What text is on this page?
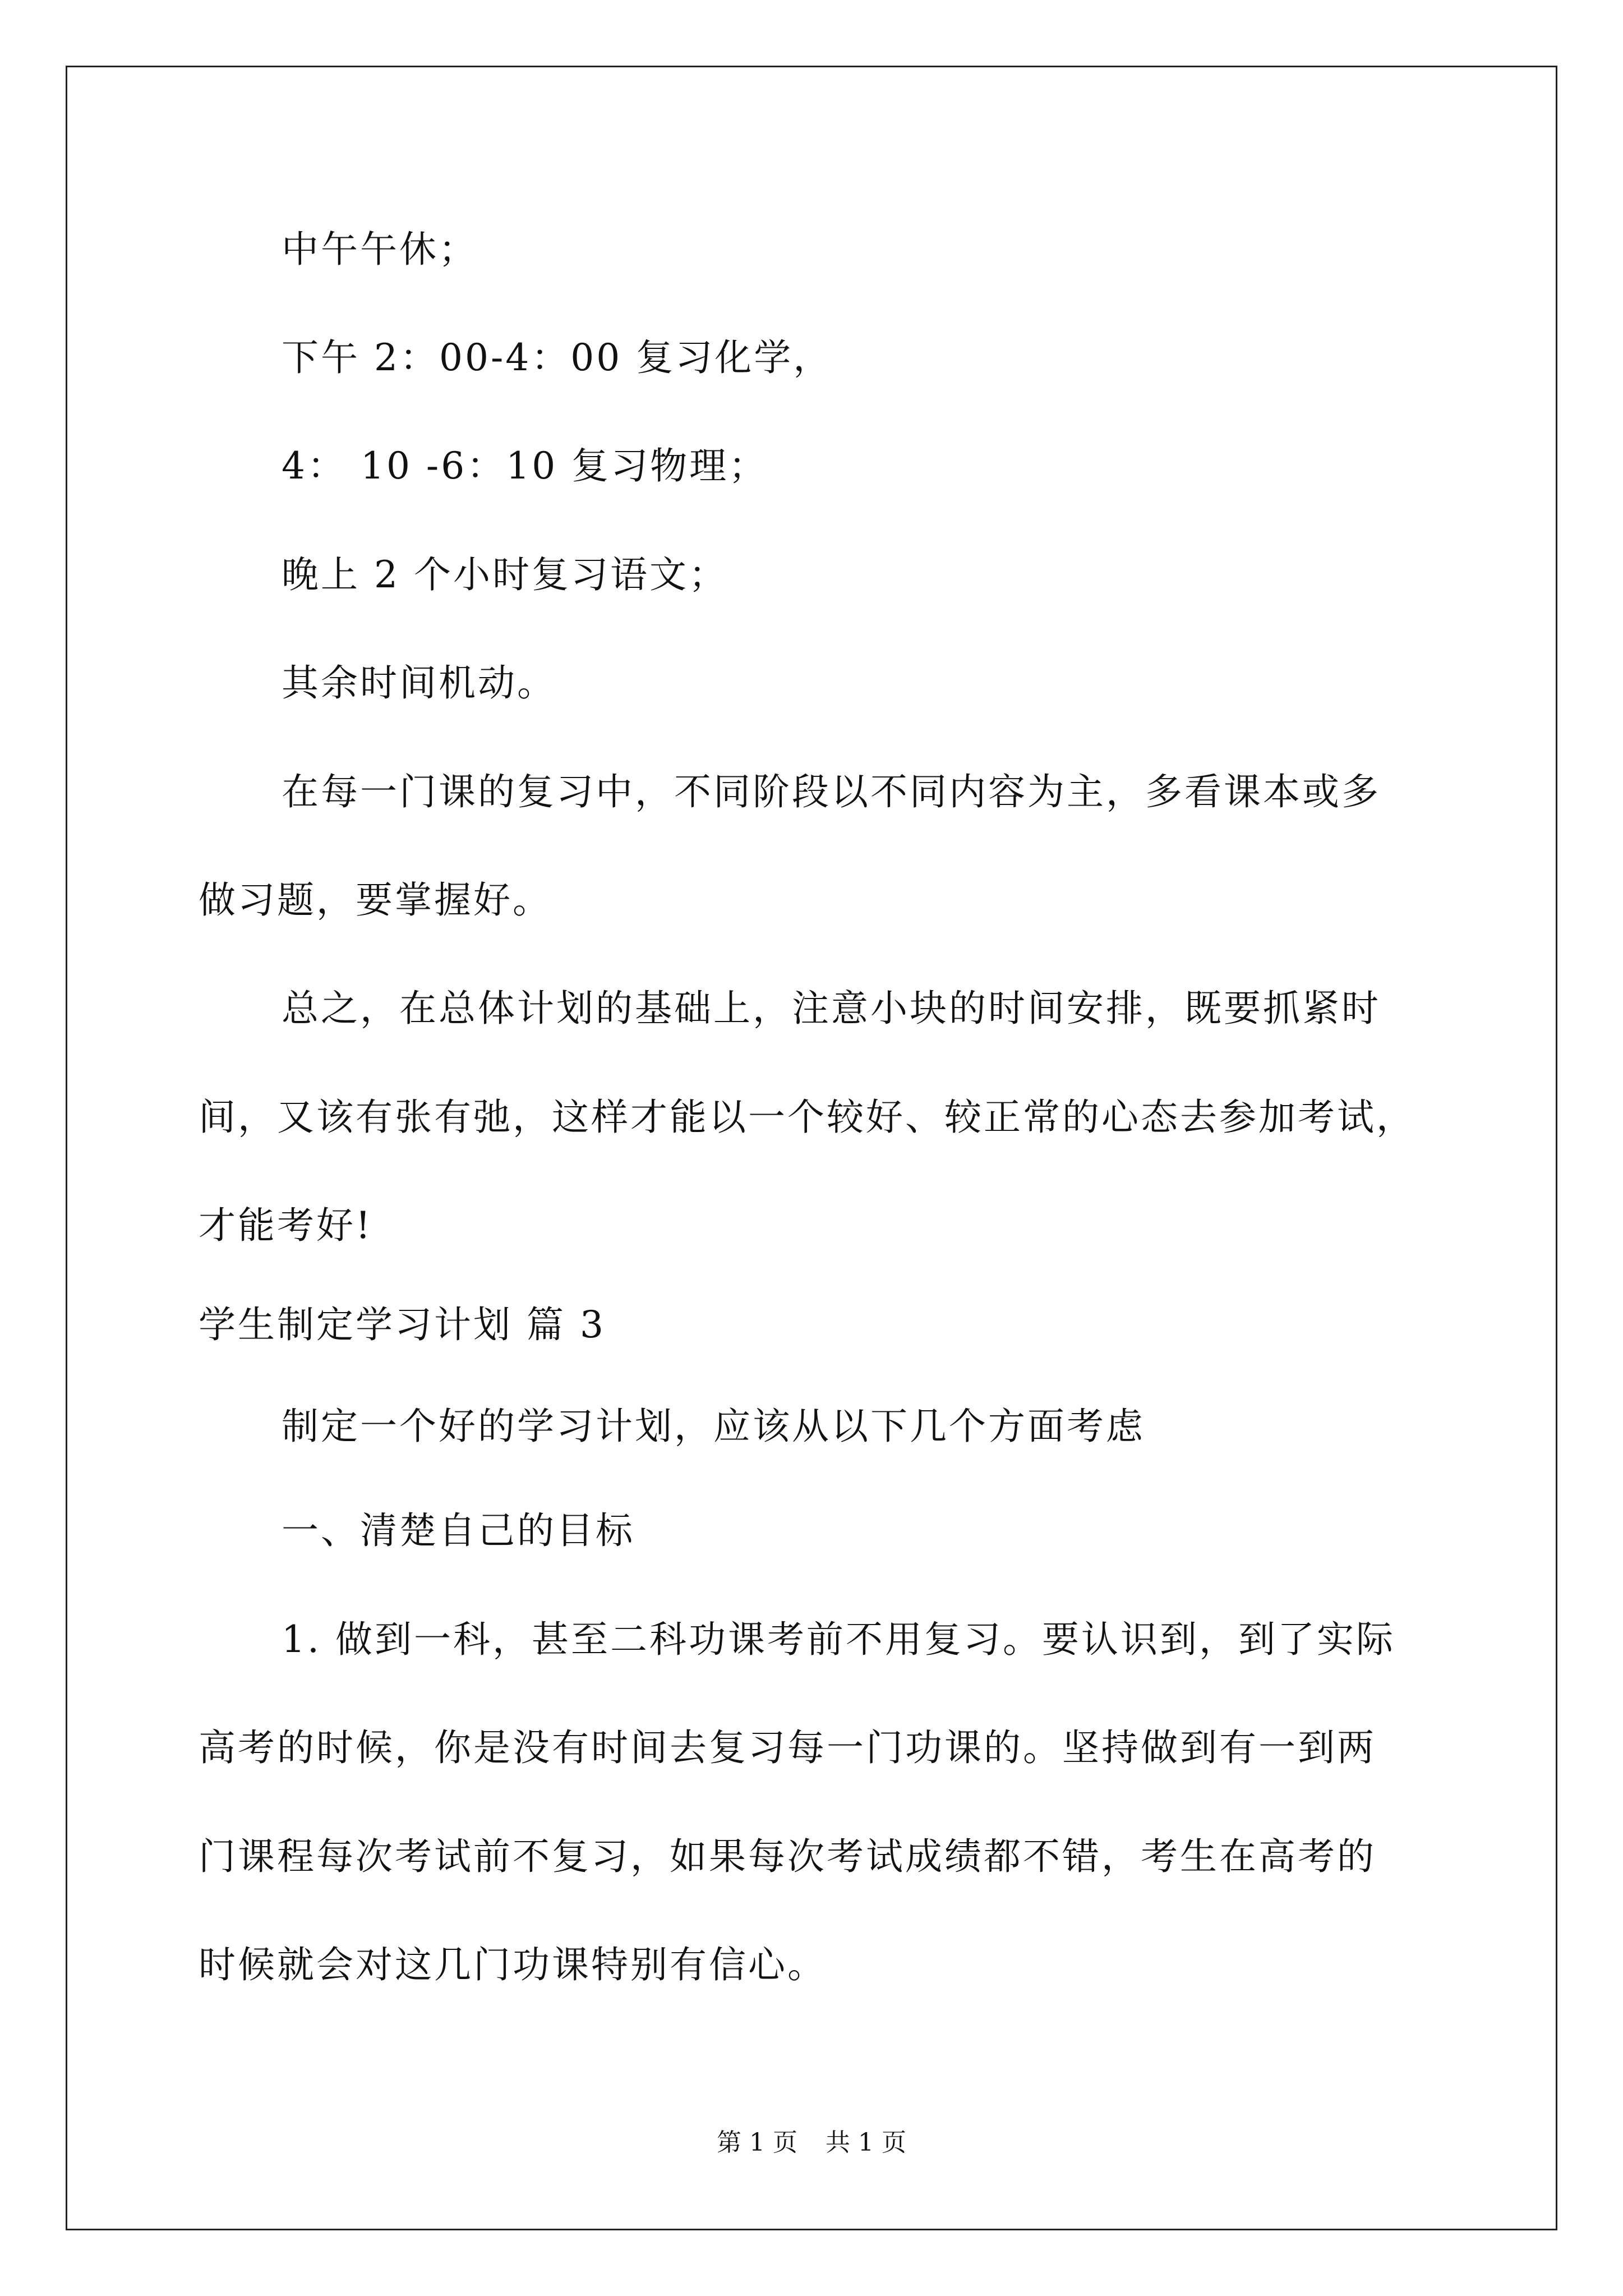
中午午休；
下午 2：00-4：00 复习化学，
4： 10 -6：10 复习物理；
晚上 2 个小时复习语文；
其余时间机动。
在每一门课的复习中，不同阶段以不同内容为主，多看课本或多
做习题，要掌握好。
总之，在总体计划的基础上，注意小块的时间安排，既要抓紧时
间，又该有张有弛，这样才能以一个较好、较正常的心态去参加考试，
才能考好!
学生制定学习计划 篇 3
制定一个好的学习计划，应该从以下几个方面考虑
一、清楚自己的目标
1. 做到一科，甚至二科功课考前不用复习。要认识到，到了实际
高考的时候，你是没有时间去复习每一门功课的。坚持做到有一到两
门课程每次考试前不复习，如果每次考试成绩都不错，考生在高考的
时候就会对这几门功课特别有信心。
第 1 页 共 1 页
